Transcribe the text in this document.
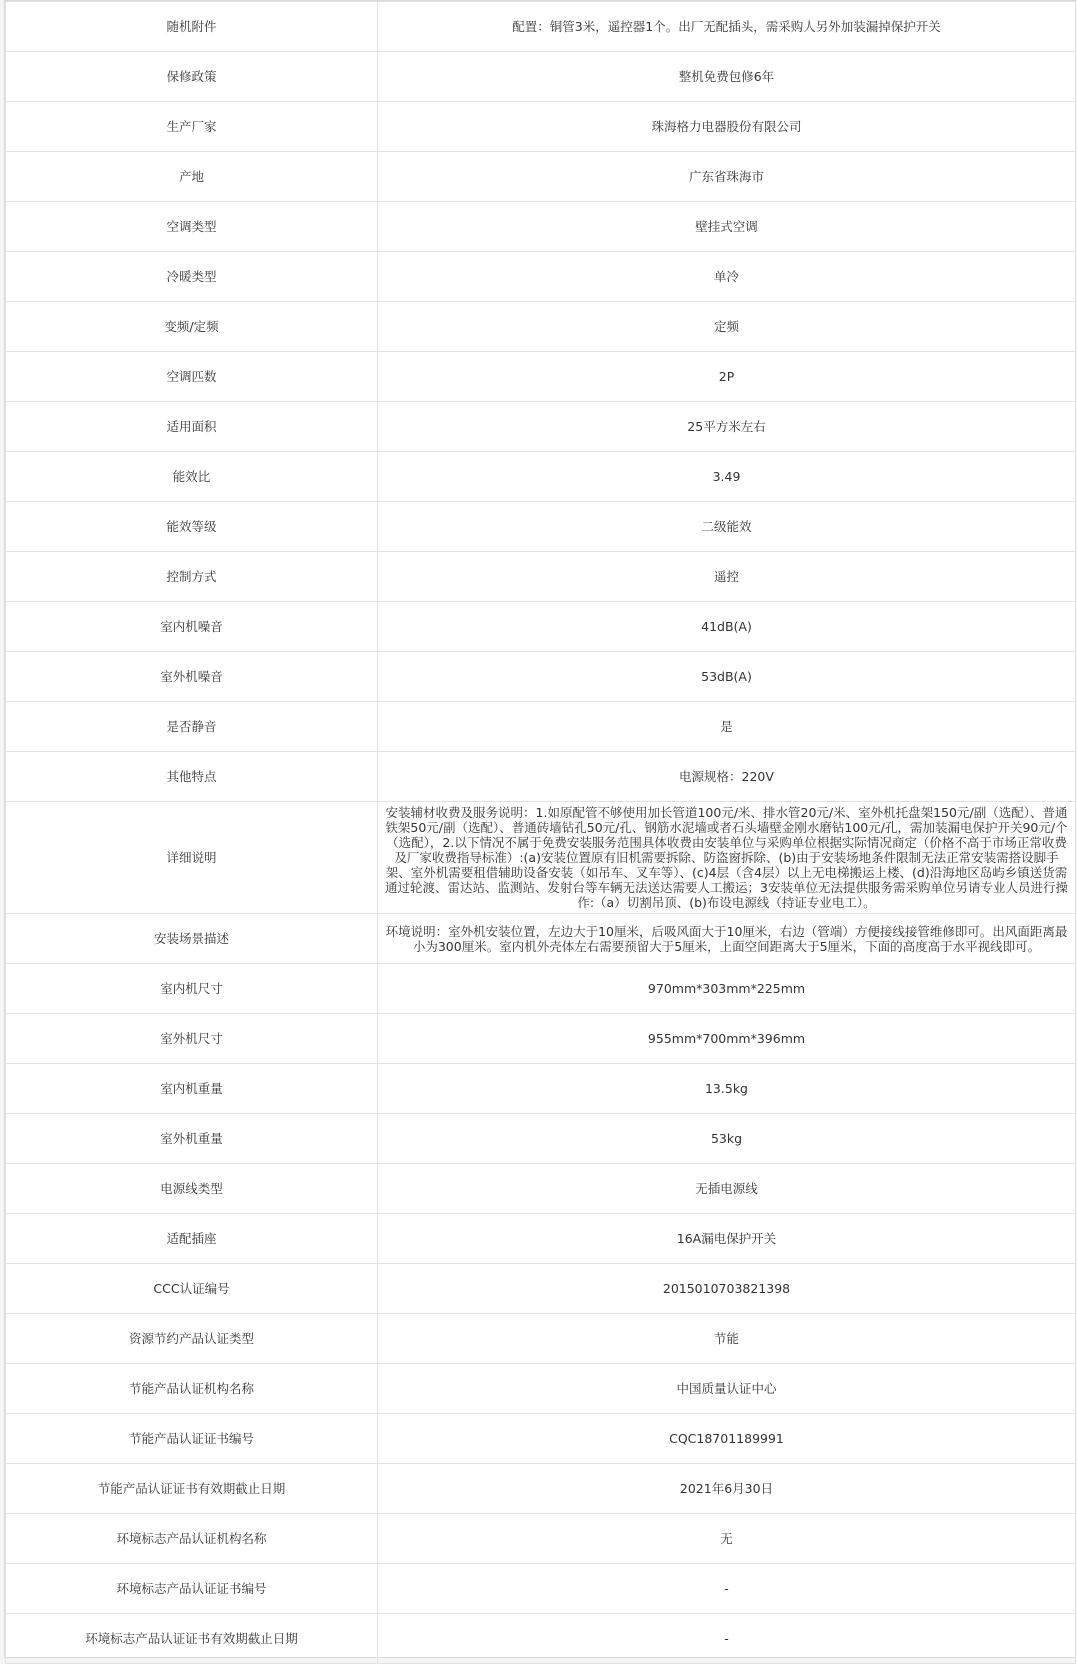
随机附件	配置：铜管3米，遥控器1个。出厂无配插头，需采购人另外加装漏掉保护开关
保修政策	整机免费包修6年
生产厂家	珠海格力电器股份有限公司
产地	广东省珠海市
空调类型	壁挂式空调
冷暖类型	单冷
变频/定频	定频
空调匹数	2P
适用面积	25平方米左右
能效比	3.49
能效等级	二级能效
控制方式	遥控
室内机噪音	41dB(A)
室外机噪音	53dB(A)
是否静音	是
其他特点	电源规格：220V
详细说明	安装辅材收费及服务说明：1.如原配管不够使用加长管道100元/米、排水管20元/米、室外机托盘架150元/副（选配）、普通铁架50元/副（选配）、普通砖墙钻孔50元/孔、钢筋水泥墙或者石头墙壁金刚水磨钻100元/孔，需加装漏电保护开关90元/个（选配），2.以下情况不属于免费安装服务范围具体收费由安装单位与采购单位根据实际情况商定（价格不高于市场正常收费及厂家收费指导标准）:(a)安装位置原有旧机需要拆除、防盗窗拆除、(b)由于安装场地条件限制无法正常安装需搭设脚手架、室外机需要租借辅助设备安装（如吊车、叉车等）、(c)4层（含4层）以上无电梯搬运上楼、(d)沿海地区岛屿乡镇送货需通过轮渡、雷达站、监测站、发射台等车辆无法送达需要人工搬运；3安装单位无法提供服务需采购单位另请专业人员进行操作:（a）切割吊顶、(b)布设电源线（持证专业电工）。
安装场景描述	环境说明：室外机安装位置，左边大于10厘米，后吸风面大于10厘米，右边（管端）方便接线接管维修即可。出风面距离最小为300厘米。室内机外壳体左右需要预留大于5厘米，上面空间距离大于5厘米，下面的高度高于水平视线即可。
室内机尺寸	970mm*303mm*225mm
室外机尺寸	955mm*700mm*396mm
室内机重量	13.5kg
室外机重量	53kg
电源线类型	无插电源线
适配插座	16A漏电保护开关
CCC认证编号	2015010703821398
资源节约产品认证类型	节能
节能产品认证机构名称	中国质量认证中心
节能产品认证证书编号	CQC18701189991
节能产品认证证书有效期截止日期	2021年6月30日
环境标志产品认证机构名称	无
环境标志产品认证证书编号	-
环境标志产品认证证书有效期截止日期	-
